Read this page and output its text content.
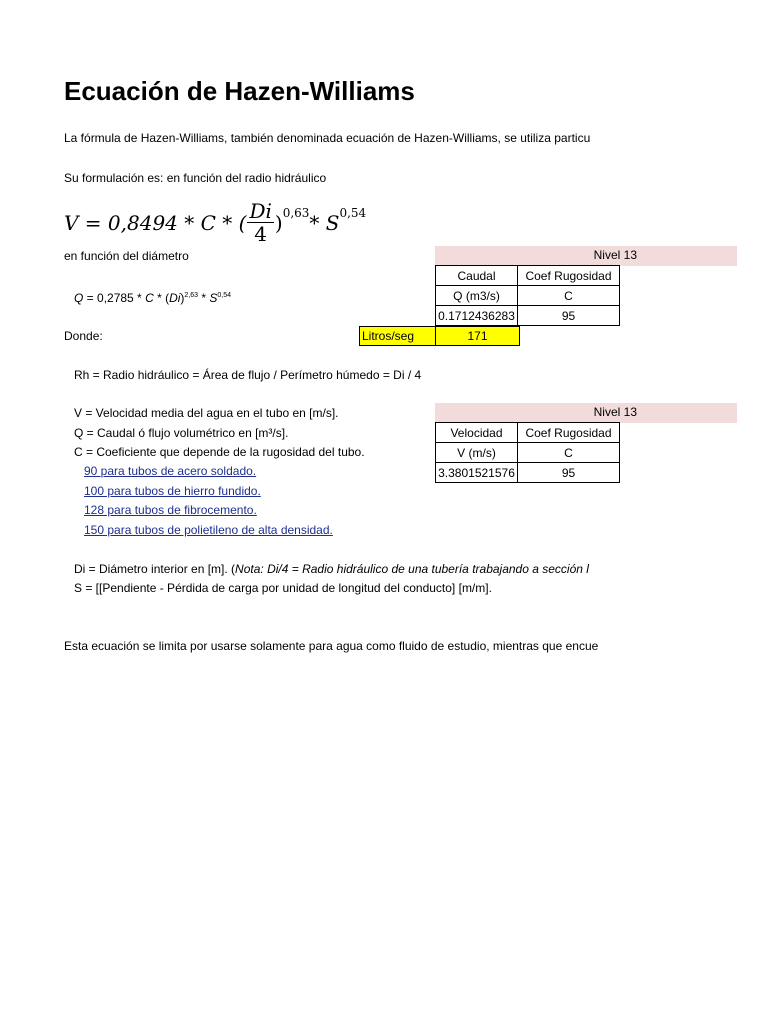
Ecuación de Hazen-Williams
La fórmula de Hazen-Williams, también denominada ecuación de Hazen-Williams, se utiliza particu
Su formulación es: en función del radio hidráulico
V = 0,8494 * C * ( $\frac{Di}{4} )^{0,63} * S^{0,54}$
en función del diámetro
$Q = 0,2785 * C * (Di)^{2,63} * S^{0,54}$
Donde:
Nivel 13
Caudal	Coef Rugosidad
Q (m3/s)	C
0.1712436283	95
Litros/seg	171
Rh = Radio hidráulico = Área de flujo / Perímetro húmedo = Di / 4
V = Velocidad media del agua en el tubo en [m/s].
Q = Caudal ó flujo volumétrico en [m³/s].
C = Coeficiente que depende de la rugosidad del tubo.
90 para tubos de acero soldado.
100 para tubos de hierro fundido.
128 para tubos de fibrocemento.
150 para tubos de polietileno de alta densidad.
Nivel 13
Velocidad	Coef Rugosidad
V (m/s)	C
3.3801521576	95
Di = Diámetro interior en [m]. (Nota: Di/4 = Radio hidráulico de una tubería trabajando a sección l
S = [[Pendiente - Pérdida de carga por unidad de longitud del conducto] [m/m].
Esta ecuación se limita por usarse solamente para agua como fluido de estudio, mientras que encue
